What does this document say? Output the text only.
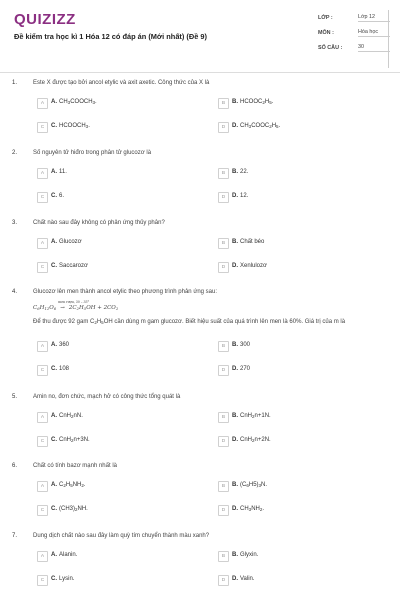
QUIZIZZ
Đề kiểm tra học kì 1 Hóa 12 có đáp án (Mới nhất) (Đề 9)
LỚP :	Lớp 12
MÔN :	Hóa học
SỐ CÂU :	30
1.	Este X được tạo bởi ancol etylic và axit axetic. Công thức của X là
A	A. $CH_3COOCH_3$.	B	B. $HCOOC_2H_5$.
C	C. $HCOOCH_3$.	D	D. $CH_3COOC_2H_5$.
2.	Số nguyên tử hiđro trong phân tử glucozơ là
A	A. 11.	B	B. 22.
C	C. 6.	D	D. 12.
3.	Chất nào sau đây không có phản ứng thủy phân?
A	A. Glucozơ	B	B. Chất béo
C	C. Saccarozơ	D	D. Xenlulozơ
4.	Glucozơ lên men thành ancol etylic theo phương trình phản ứng sau:
C6H12O6
men rượu, 30 – 35°
→ 2C2H5OH + 2CO2
Để thu được 92 gam $C_2H_5OH$ cần dùng m gam glucozơ. Biết hiệu suất của quá trình lên men là 60%. Giá trị của m là
A	A. 360	B	B. 300
C	C. 108	D	D. 270
5.	Amin no, đơn chức, mạch hở có công thức tổng quát là
A	A. CnH$_2$nN.	B	B. CnH$_2$n+1N.
C	C. CnH$_2$n+3N.	D	D. CnH$_2$n+2N.
6.	Chất có tính bazơ mạnh nhất là
A	A. $C_2H_5NH_2$.	B	B. $(C_6H5)_3N$.
C	C. $(CH3)_2NH$.	D	D. $CH_3NH_2$.
7.	Dung dịch chất nào sau đây làm quỳ tím chuyển thành màu xanh?
A	A. Alanin.	B	B. Glyxin.
C	C. Lysin.	D	D. Valin.
